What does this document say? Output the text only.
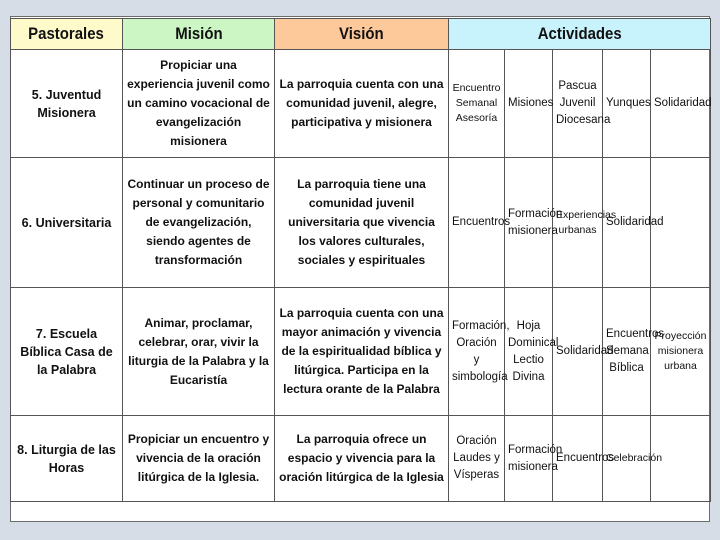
Pastorales	Misión	Visión	Actividades				
5. Juventud Misionera	Propiciar una experiencia juvenil como un camino vocacional de evangelización misionera	La parroquia cuenta con una comunidad juvenil, alegre, participativa y misionera	Encuentro Semanal Asesoría	Misiones	Pascua Juvenil Diocesana	Yunques	Solidaridad
6. Universitaria	Continuar un proceso de personal y comunitario de evangelización, siendo agentes de transformación	La parroquia tiene una comunidad juvenil universitaria que vivencia los valores culturales, sociales y espirituales	Encuentros	Formación misionera	Experiencias urbanas	Solidaridad	
7. Escuela Bíblica Casa de la Palabra	Animar, proclamar, celebrar, orar, vivir la liturgia de la Palabra y la Eucaristía	La parroquia cuenta con una mayor animación y vivencia de la espiritualidad bíblica y litúrgica. Participa en la lectura orante de la Palabra	Formación, Oración y simbología	Hoja Dominical Lectio Divina	Solidaridad	Encuentros Semana Bíblica	Proyección misionera urbana
8. Liturgia de las Horas	Propiciar un encuentro y vivencia de la oración litúrgica de la Iglesia.	La parroquia ofrece un espacio y vivencia para la oración litúrgica de la Iglesia	Oración Laudes y Vísperas	Formación misionera	Encuentros	Celebración	
